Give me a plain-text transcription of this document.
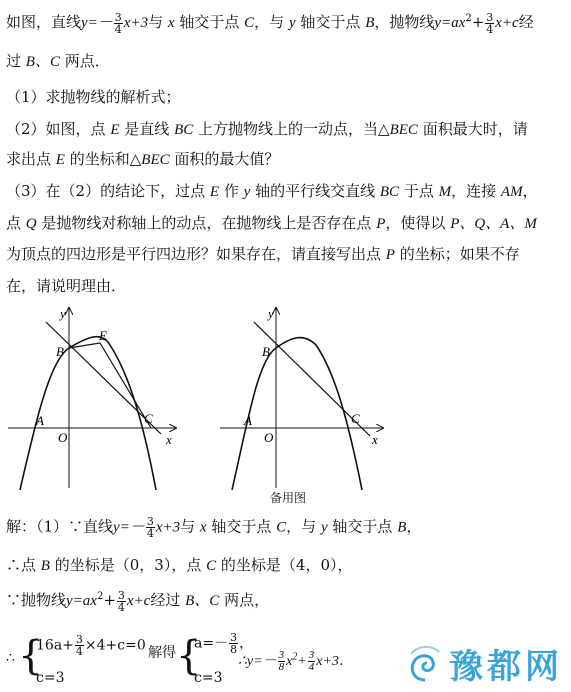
如图，直线$y=- \frac{3}{4} x+3$与 x 轴交于点 C，与 y 轴交于点 B，抛物线$y=ax^2+ \frac{3}{4} x+c$经
过 B、C 两点．
（1）求抛物线的解析式；
（2）如图，点 E 是直线 BC 上方抛物线上的一动点，当△BEC 面积最大时，请
求出点 E 的坐标和△BEC 面积的最大值？
（3）在（2）的结论下，过点 E 作 y 轴的平行线交直线 BC 于点 M，连接 AM，
点 Q 是抛物线对称轴上的动点，在抛物线上是否存在点 P，使得以 P、Q、A、M
为顶点的四边形是平行四边形？如果存在，请直接写出点 P 的坐标；如果不存
在，请说明理由．
A
B
C
E
O	x
y
A
B
C
O	x
y
备用图
解：（1）∵直线$y=- \frac{3}{4} x+3$与 x 轴交于点 C，与 y 轴交于点 B，
∴点 B 的坐标是（0，3），点 C 的坐标是（4，0），
∵抛物线$y=ax^2+ \frac{3}{4} x+c$经过 B、C 两点，
∴ {
$16a+ \frac{3}{4} \times 4+c=0$
c=3
解得 {
$a=- \frac{3}{8}$ ，
c=3
∴y=－ $\frac{3}{8} x^2+ \frac{3}{4} x+3$．	豫都网
